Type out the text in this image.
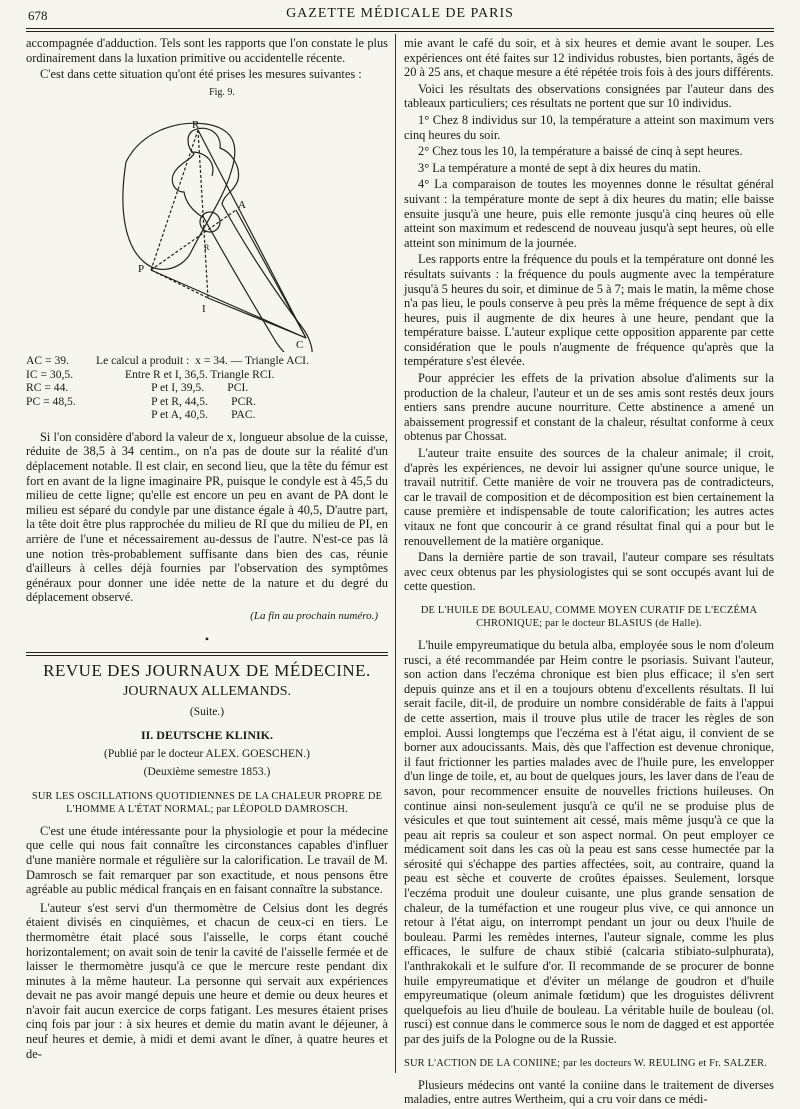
678	GAZETTE MÉDICALE DE PARIS

accompagnée d'adduction. Tels sont les rapports que l'on constate le plus ordinairement dans la luxation primitive ou accidentelle récente.

C'est dans cette situation qu'ont été prises les mesures suivantes :

Fig. 9.
R
A
P
R
I
C
AC = 39.
IC = 30,5.
RC = 44.
PC = 48,5.
Le calcul a produit :  x = 34. — Triangle ACI.
Entre R et I, 36,5. Triangle RCI.
P et I, 39,5.        PCI.
P et R, 44,5.        PCR.
P et A, 40,5.        PAC.

Si l'on considère d'abord la valeur de x, longueur absolue de la cuisse, réduite de 38,5 à 34 centim., on n'a pas de doute sur la réalité d'un déplacement notable. Il est clair, en second lieu, que la tête du fémur est fort en avant de la ligne imaginaire PR, puisque le condyle est à 45,5 du milieu de cette ligne; qu'elle est encore un peu en avant de PA dont le milieu est séparé du condyle par une distance égale à 40,5, D'autre part, la tête doit être plus rapprochée du milieu de RI que du milieu de PI, en arrière de l'une et nécessairement au-dessus de l'autre. N'est-ce pas là une notion très-probablement suffisante dans bien des cas, réunie d'ailleurs à celles déjà fournies par l'observation des symptômes généraux pour donner une idée nette de la nature et du degré du déplacement observé.

(La fin au prochain numéro.)
•
REVUE DES JOURNAUX DE MÉDECINE.
JOURNAUX ALLEMANDS.
(Suite.)
II. DEUTSCHE KLINIK.
(Publié par le docteur ALEX. GOESCHEN.)
(Deuxième semestre 1853.)
SUR LES OSCILLATIONS QUOTIDIENNES DE LA CHALEUR PROPRE DE L'HOMME A L'ÉTAT NORMAL; par LÉOPOLD DAMROSCH.

C'est une étude intéressante pour la physiologie et pour la médecine que celle qui nous fait connaître les circonstances capables d'influer d'une manière normale et régulière sur la calorification. Le travail de M. Damrosch se fait remarquer par son exactitude, et nous pensons être agréable au public médical français en en faisant connaître la substance.

L'auteur s'est servi d'un thermomètre de Celsius dont les degrés étaient divisés en cinquièmes, et chacun de ceux-ci en tiers. Le thermomètre était placé sous l'aisselle, le corps étant couché horizontalement; on avait soin de tenir la cavité de l'aisselle fermée et de laisser le thermomètre jusqu'à ce que le mercure reste pendant dix minutes à la même hauteur. La personne qui servait aux expériences devait ne pas avoir mangé depuis une heure et demie ou deux heures et n'avoir fait aucun exercice de corps fatigant. Les mesures étaient prises cinq fois par jour : à six heures et demie du matin avant le déjeuner, à neuf heures et demie, à midi et demi avant le dîner, à quatre heures et de-

mie avant le café du soir, et à six heures et demie avant le souper. Les expériences ont été faites sur 12 individus robustes, bien portants, âgés de 20 à 25 ans, et chaque mesure a été répétée trois fois à des jours différents.

Voici les résultats des observations consignées par l'auteur dans des tableaux particuliers; ces résultats ne portent que sur 10 individus.

1° Chez 8 individus sur 10, la température a atteint son maximum vers cinq heures du soir.

2° Chez tous les 10, la température a baissé de cinq à sept heures.

3° La température a monté de sept à dix heures du matin.

4° La comparaison de toutes les moyennes donne le résultat général suivant : la température monte de sept à dix heures du matin; elle baisse ensuite jusqu'à une heure, puis elle remonte jusqu'à cinq heures où elle atteint son maximum et redescend de nouveau jusqu'à sept heures, où elle atteint son minimum de la journée.

Les rapports entre la fréquence du pouls et la température ont donné les résultats suivants : la fréquence du pouls augmente avec la température jusqu'à 5 heures du soir, et diminue de 5 à 7; mais le matin, la même chose n'a pas lieu, le pouls conserve à peu près la même fréquence de sept à dix heures, puis il augmente de dix heures à une heure, pendant que la température baisse. L'auteur explique cette opposition apparente par cette considération que le pouls n'augmente de fréquence qu'après que la température s'est élevée.

Pour apprécier les effets de la privation absolue d'aliments sur la production de la chaleur, l'auteur et un de ses amis sont restés deux jours entiers sans prendre aucune nourriture. Cette abstinence a amené un abaissement progressif et constant de la chaleur, résultat conforme à ceux obtenus par Chossat.

L'auteur traite ensuite des sources de la chaleur animale; il croit, d'après les expériences, ne devoir lui assigner qu'une source unique, le travail nutritif. Cette manière de voir ne trouvera pas de contradicteurs, car le travail de composition et de décomposition est bien certainement la cause première et indispensable de toute calorification; les autres actes vitaux ne font que concourir à ce grand résultat final qui a pour but le renouvellement de la matière organique.

Dans la dernière partie de son travail, l'auteur compare ses résultats avec ceux obtenus par les physiologistes qui se sont occupés avant lui de cette question.

DE L'HUILE DE BOULEAU, COMME MOYEN CURATIF DE L'ECZÉMA CHRONIQUE; par le docteur BLASIUS (de Halle).

L'huile empyreumatique du betula alba, employée sous le nom d'oleum rusci, a été recommandée par Heim contre le psoriasis. Suivant l'auteur, son action dans l'eczéma chronique est bien plus efficace; il s'en sert depuis quinze ans et il en a toujours obtenu d'excellents résultats. Il lui serait facile, dit-il, de produire un nombre considérable de faits à l'appui de cette assertion, mais il trouve plus utile de tracer les règles de son emploi. Aussi longtemps que l'eczéma est à l'état aigu, il convient de se borner aux adoucissants. Mais, dès que l'affection est devenue chronique, il faut frictionner les parties malades avec de l'huile pure, les envelopper d'un linge de toile, et, au bout de quelques jours, les laver dans de l'eau de savon, pour recommencer ensuite de nouvelles frictions huileuses. On continue ainsi non-seulement jusqu'à ce qu'il ne se produise plus de vésicules et que tout suintement ait cessé, mais même jusqu'à ce que la peau ait repris sa couleur et son aspect normal. On peut employer ce médicament soit dans les cas où la peau est sans cesse humectée par la sérosité qui s'échappe des parties affectées, soit, au contraire, quand la peau est sèche et couverte de croûtes épaisses. Seulement, lorsque l'eczéma produit une douleur cuisante, une plus grande sensation de chaleur, de la tuméfaction et une rougeur plus vive, ce qui annonce un retour à l'état aigu, on interrompt pendant un jour ou deux l'huile de bouleau. Parmi les remèdes internes, l'auteur signale, comme les plus efficaces, le sulfure de chaux stibié (calcaria stibiato-sulphurata), l'anthrakokali et le sulfure d'or. Il recommande de se procurer de bonne huile empyreumatique et d'éviter un mélange de goudron et d'huile empyreumatique (oleum animale fœtidum) que les droguistes délivrent quelquefois au lieu d'huile de bouleau. La véritable huile de bouleau (ol. rusci) est connue dans le commerce sous le nom de dagged et est apportée par des juifs de la Pologne ou de la Russie.

SUR L'ACTION DE LA CONIINE; par les docteurs W. REULING et Fr. SALZER.

Plusieurs médecins ont vanté la coniine dans le traitement de diverses maladies, entre autres Wertheim, qui a cru voir dans ce médi-
